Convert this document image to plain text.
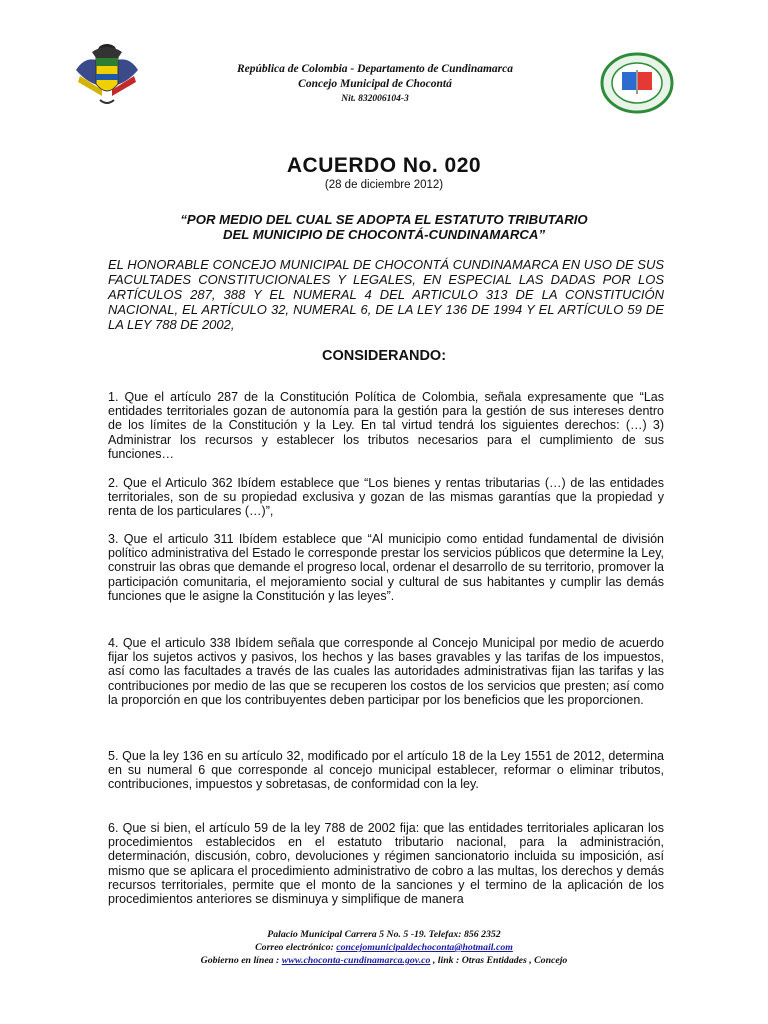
República de Colombia - Departamento de Cundinamarca
Concejo Municipal de Chocontá
Nit. 832006104-3
ACUERDO No. 020
(28 de diciembre 2012)
“POR MEDIO DEL CUAL SE ADOPTA EL ESTATUTO TRIBUTARIO
DEL MUNICIPIO DE CHOCONTÁ-CUNDINAMARCA”
EL HONORABLE CONCEJO MUNICIPAL DE CHOCONTÁ CUNDINAMARCA EN USO DE SUS FACULTADES CONSTITUCIONALES Y LEGALES, EN ESPECIAL LAS DADAS POR LOS ARTÍCULOS 287, 388 Y EL NUMERAL 4 DEL ARTICULO 313 DE LA CONSTITUCIÓN NACIONAL, EL ARTÍCULO 32, NUMERAL 6, DE LA LEY 136 DE 1994 Y EL ARTÍCULO 59 DE LA LEY 788 DE 2002,
CONSIDERANDO:
1. Que el artículo 287 de la Constitución Política de Colombia, señala expresamente que “Las entidades territoriales gozan de autonomía para la gestión para la gestión de sus intereses dentro de los límites de la Constitución y la Ley. En tal virtud tendrá los siguientes derechos: (…) 3) Administrar los recursos y establecer los tributos necesarios para el cumplimiento de sus funciones…
2. Que el Articulo 362 Ibídem establece que “Los bienes y rentas tributarias (…) de las entidades territoriales, son de su propiedad exclusiva y gozan de las mismas garantías que la propiedad y renta de los particulares (…)”,
3. Que el articulo 311 Ibídem establece que “Al municipio como entidad fundamental de división político administrativa del Estado le corresponde prestar los servicios públicos que determine la Ley, construir las obras que demande el progreso local, ordenar el desarrollo de su territorio, promover la participación comunitaria, el mejoramiento social y cultural de sus habitantes y cumplir las demás funciones que le asigne la Constitución y las leyes”.
4. Que el articulo 338 Ibídem señala que corresponde al Concejo Municipal por medio de acuerdo fijar los sujetos activos y pasivos, los hechos y las bases gravables y las tarifas de los impuestos, así como las facultades a través de las cuales las autoridades administrativas fijan las tarifas y las contribuciones por medio de las que se recuperen los costos de los servicios que presten; así como la proporción en que los contribuyentes deben participar por los beneficios que les proporcionen.
5. Que la ley 136 en su artículo 32, modificado por el artículo 18 de la Ley 1551 de 2012, determina en su numeral 6 que corresponde al concejo municipal establecer, reformar o eliminar tributos, contribuciones, impuestos y sobretasas, de conformidad con la ley.
6. Que si bien, el artículo 59 de la ley 788 de 2002 fija: que las entidades territoriales aplicaran los procedimientos establecidos en el estatuto tributario nacional, para la administración, determinación, discusión, cobro, devoluciones y régimen sancionatorio incluida su imposición, así mismo que se aplicara el procedimiento administrativo de cobro a las multas, los derechos y demás recursos territoriales, permite que el monto de la sanciones y el termino de la aplicación de los procedimientos anteriores se disminuya y simplifique de manera
Palacio Municipal Carrera 5 No. 5 -19. Telefax: 856 2352
Correo electrónico: concejomunicipaldechoconta@hotmail.com
Gobierno en línea : www.choconta-cundinamarca.gov.co , link : Otras Entidades , Concejo
